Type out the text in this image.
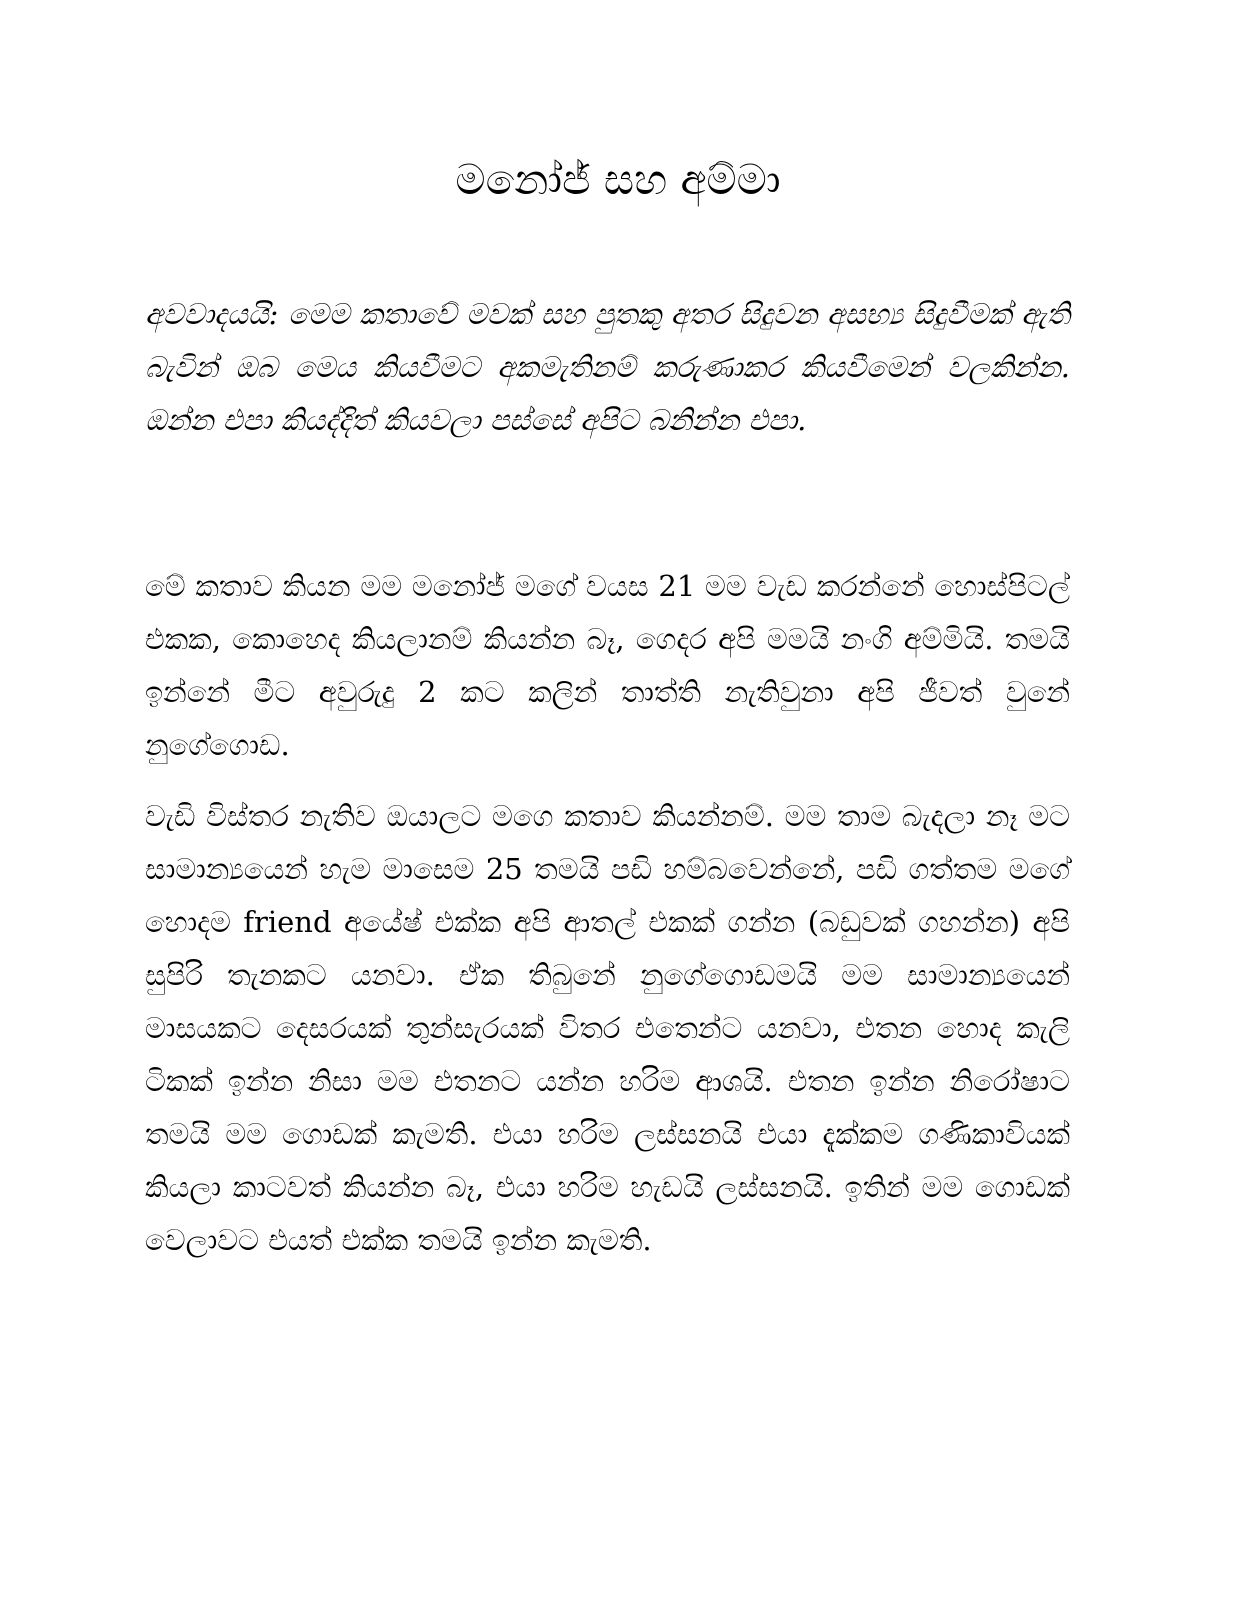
මනෝජ් සහ අම්මා

අවවාදයයි: මෙම කතාවේ මවක් සහ පුතකු අතර සිදුවන අසභ්‍ය සිදුවීමක් ඇති බැවින් ඔබ මෙය කියවීමට අකමැතිනම් කරුණාකර කියවීමෙන් වලකින්න. ඔන්න එපා කියද්දිත් කියවලා පස්සේ අපිට බනින්න එපා.

මේ කතාව කියන මම මනෝජ් මගේ වයස 21 මම වැඩ කරන්නේ හොස්පිටල් එකක, කොහෙද කියලානම් කියන්න බෑ, ගෙදර අපි මමයි නංගි අම්මියි. තමයි ඉන්නේ මීට අවුරුදු 2 කට කලින් තාත්ති නැතිවුනා අපි ජීවත් වුනේ නුගේගොඩ.

වැඩි විස්තර නැතිව ඔයාලට මගෙ කතාව කියන්නම්. මම තාම බැදලා නෑ මට සාමාන්‍යයෙන් හැම මාසෙම 25 තමයි පඩි හම්බවෙන්නේ, පඩි ගත්තම මගේ හොදම friend අයේෂ් එක්ක අපි ආතල් එකක් ගන්න (බඩුවක් ගහන්න) අපි සුපිරි තැනකට යනවා. ඒක තිබුනේ නුගේගොඩමයි මම සාමාන්‍යයෙන් මාසයකට දෙසරයක් තුන්සැරයක් විතර එතෙන්ට යනවා, එතන හොද කැලි ටිකක් ඉන්න නිසා මම එතනට යන්න හරිම ආශයි. එතන ඉන්න නිරෝෂාට තමයි මම ගොඩක් කැමති. එයා හරිම ලස්සනයි එයා දැක්කම ගණිකාවියක් කියලා කාටවත් කියන්න බෑ, එයා හරිම හැඩයි ලස්සනයි. ඉතින් මම ගොඩක් වෙලාවට එයත් එක්ක තමයි ඉන්න කැමති.
